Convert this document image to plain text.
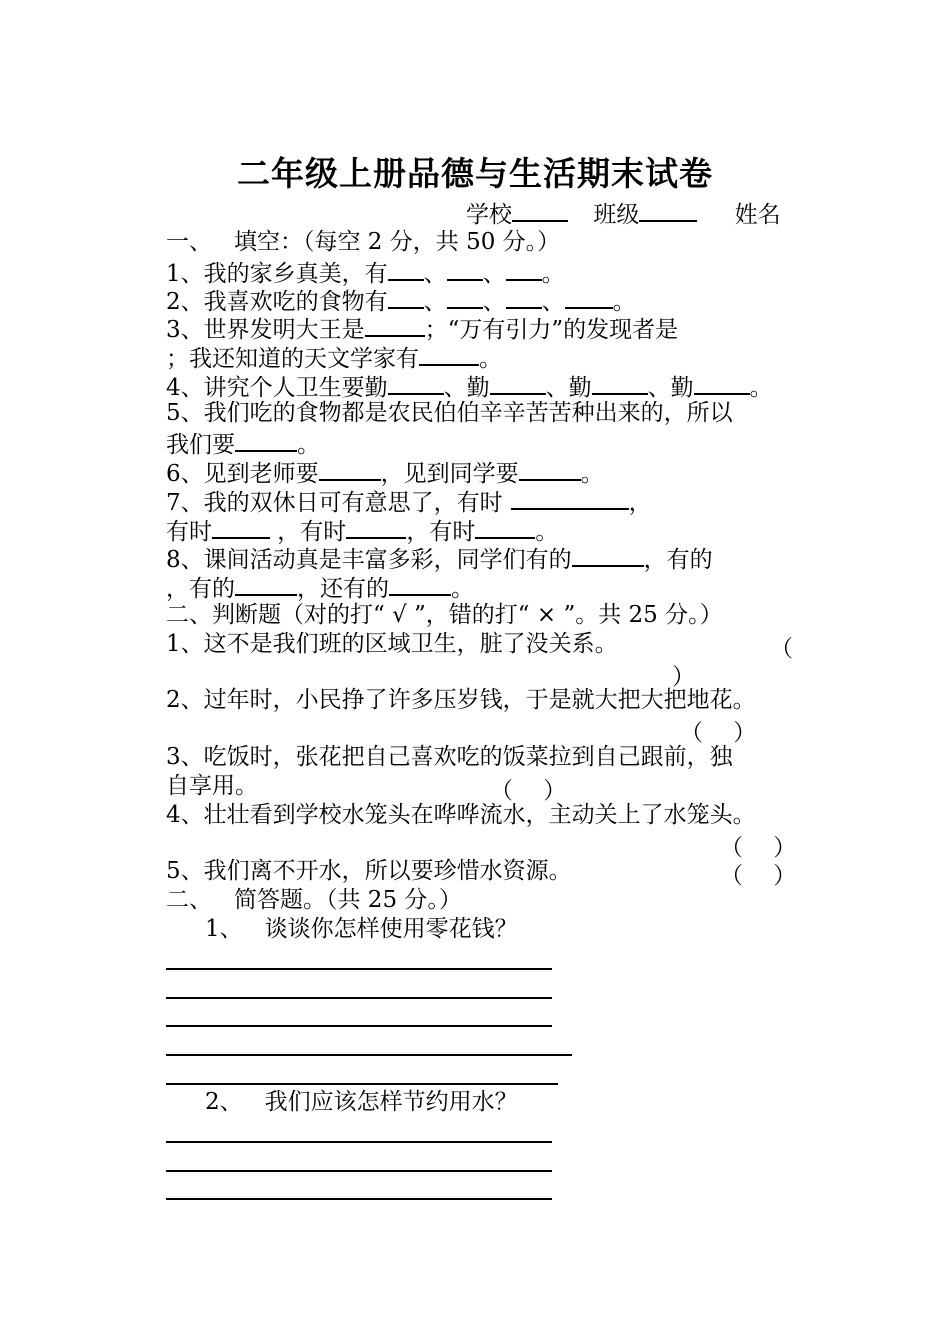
二年级上册品德与生活期末试卷
学校	班级	姓名
一、 填空：（每空 2 分，共 50 分。）
1、我的家乡真美，有 、 、 。
2、我喜欢吃的食物有 、 、 、 。
3、世界发明大王是	；“万有引力”的发现者是
；我还知道的天文学家有	。
4、讲究个人卫生要勤 、勤 、勤 、勤 。
5、我们吃的食物都是农民伯伯辛辛苦苦种出来的，所以
我们要	。
6、见到老师要	，见到同学要	。
7、我的双休日可有意思了，有时	，
有时	，有时	，有时	。
8、课间活动真是丰富多彩，同学们有的	，有的
，有的	，还有的	。
二、判断题（对的打“ √ ”，错的打“ × ”。共 25 分。）
1、这不是我们班的区域卫生，脏了没关系。	（
）
2、过年时，小民挣了许多压岁钱，于是就大把大把地花。
（　 ）
3、吃饭时，张花把自己喜欢吃的饭菜拉到自己跟前，独
自享用。	（　 ）
4、壮壮看到学校水笼头在哗哗流水，主动关上了水笼头。
（　 ）
5、我们离不开水，所以要珍惜水资源。	（　 ）
二、 简答题。（共 25 分。）
1、 谈谈你怎样使用零花钱？
2、 我们应该怎样节约用水？
